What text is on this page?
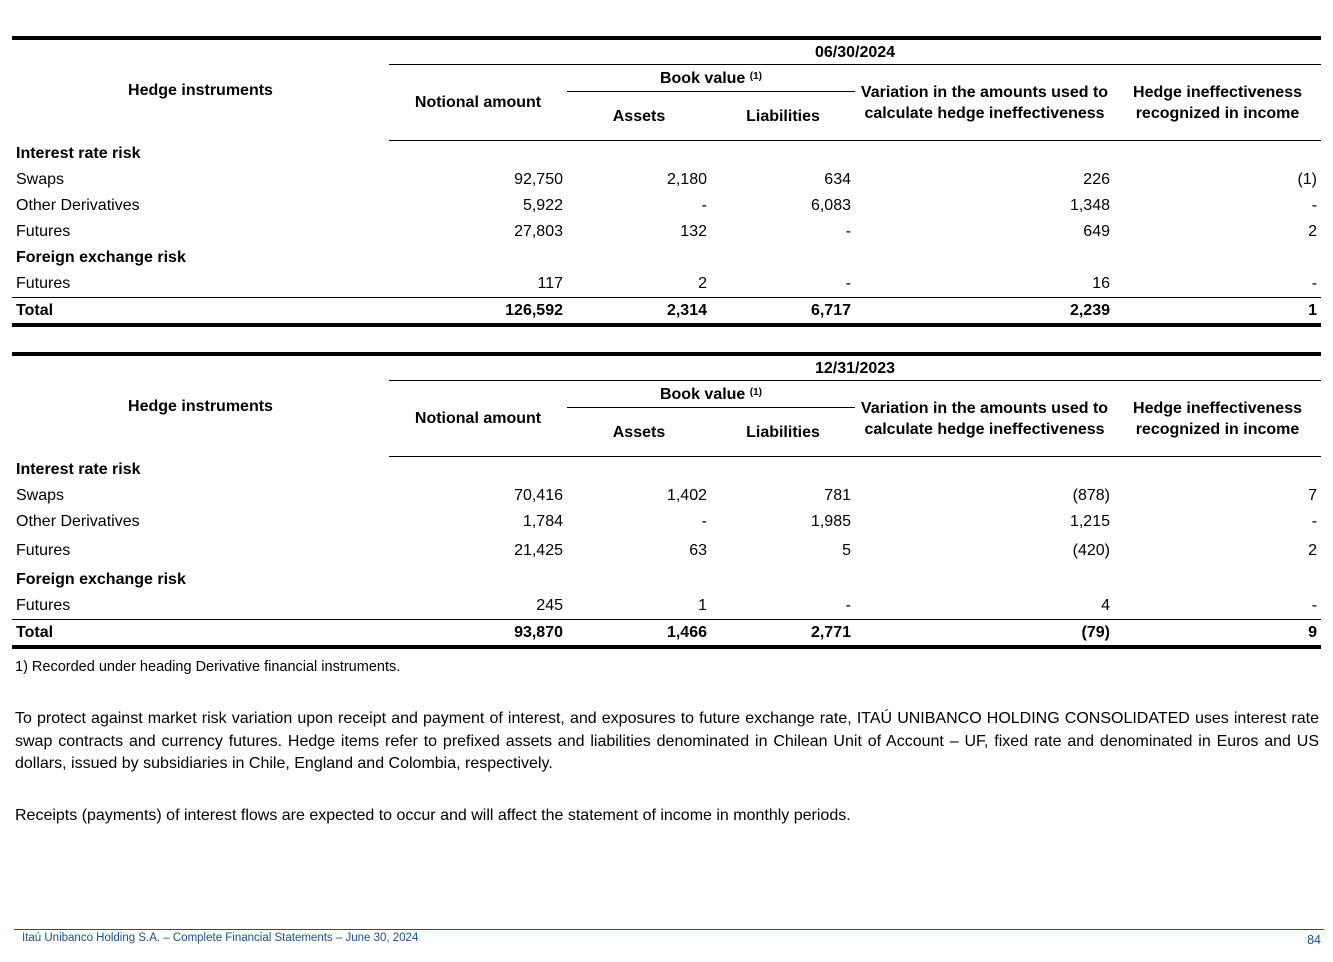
Hedge instruments	06/30/2024				
	Notional amount	Book value $^{(1)}$		Variation in the amounts used to calculate hedge ineffectiveness	Hedge ineffectiveness recognized in income
		Assets	Liabilities		
Interest rate risk					
Swaps	92,750	2,180	634	226	(1)
Other Derivatives	5,922	-	6,083	1,348	-
Futures	27,803	132	-	649	2
Foreign exchange risk					
Futures	117	2	-	16	-
Total	126,592	2,314	6,717	2,239	1
Hedge instruments	12/31/2023				
	Notional amount	Book value $^{(1)}$		Variation in the amounts used to calculate hedge ineffectiveness	Hedge ineffectiveness recognized in income
		Assets	Liabilities		
Interest rate risk					
Swaps	70,416	1,402	781	(878)	7
Other Derivatives	1,784	-	1,985	1,215	-
Futures	21,425	63	5	(420)	2
Foreign exchange risk					
Futures	245	1	-	4	-
Total	93,870	1,466	2,771	(79)	9
1) Recorded under heading Derivative financial instruments.

To protect against market risk variation upon receipt and payment of interest, and exposures to future exchange rate, ITAÚ UNIBANCO HOLDING CONSOLIDATED uses interest rate swap contracts and currency futures. Hedge items refer to prefixed assets and liabilities denominated in Chilean Unit of Account – UF, fixed rate and denominated in Euros and US dollars, issued by subsidiaries in Chile, England and Colombia, respectively.

Receipts (payments) of interest flows are expected to occur and will affect the statement of income in monthly periods.

Itaú Unibanco Holding S.A. – Complete Financial Statements – June 30, 2024	84
